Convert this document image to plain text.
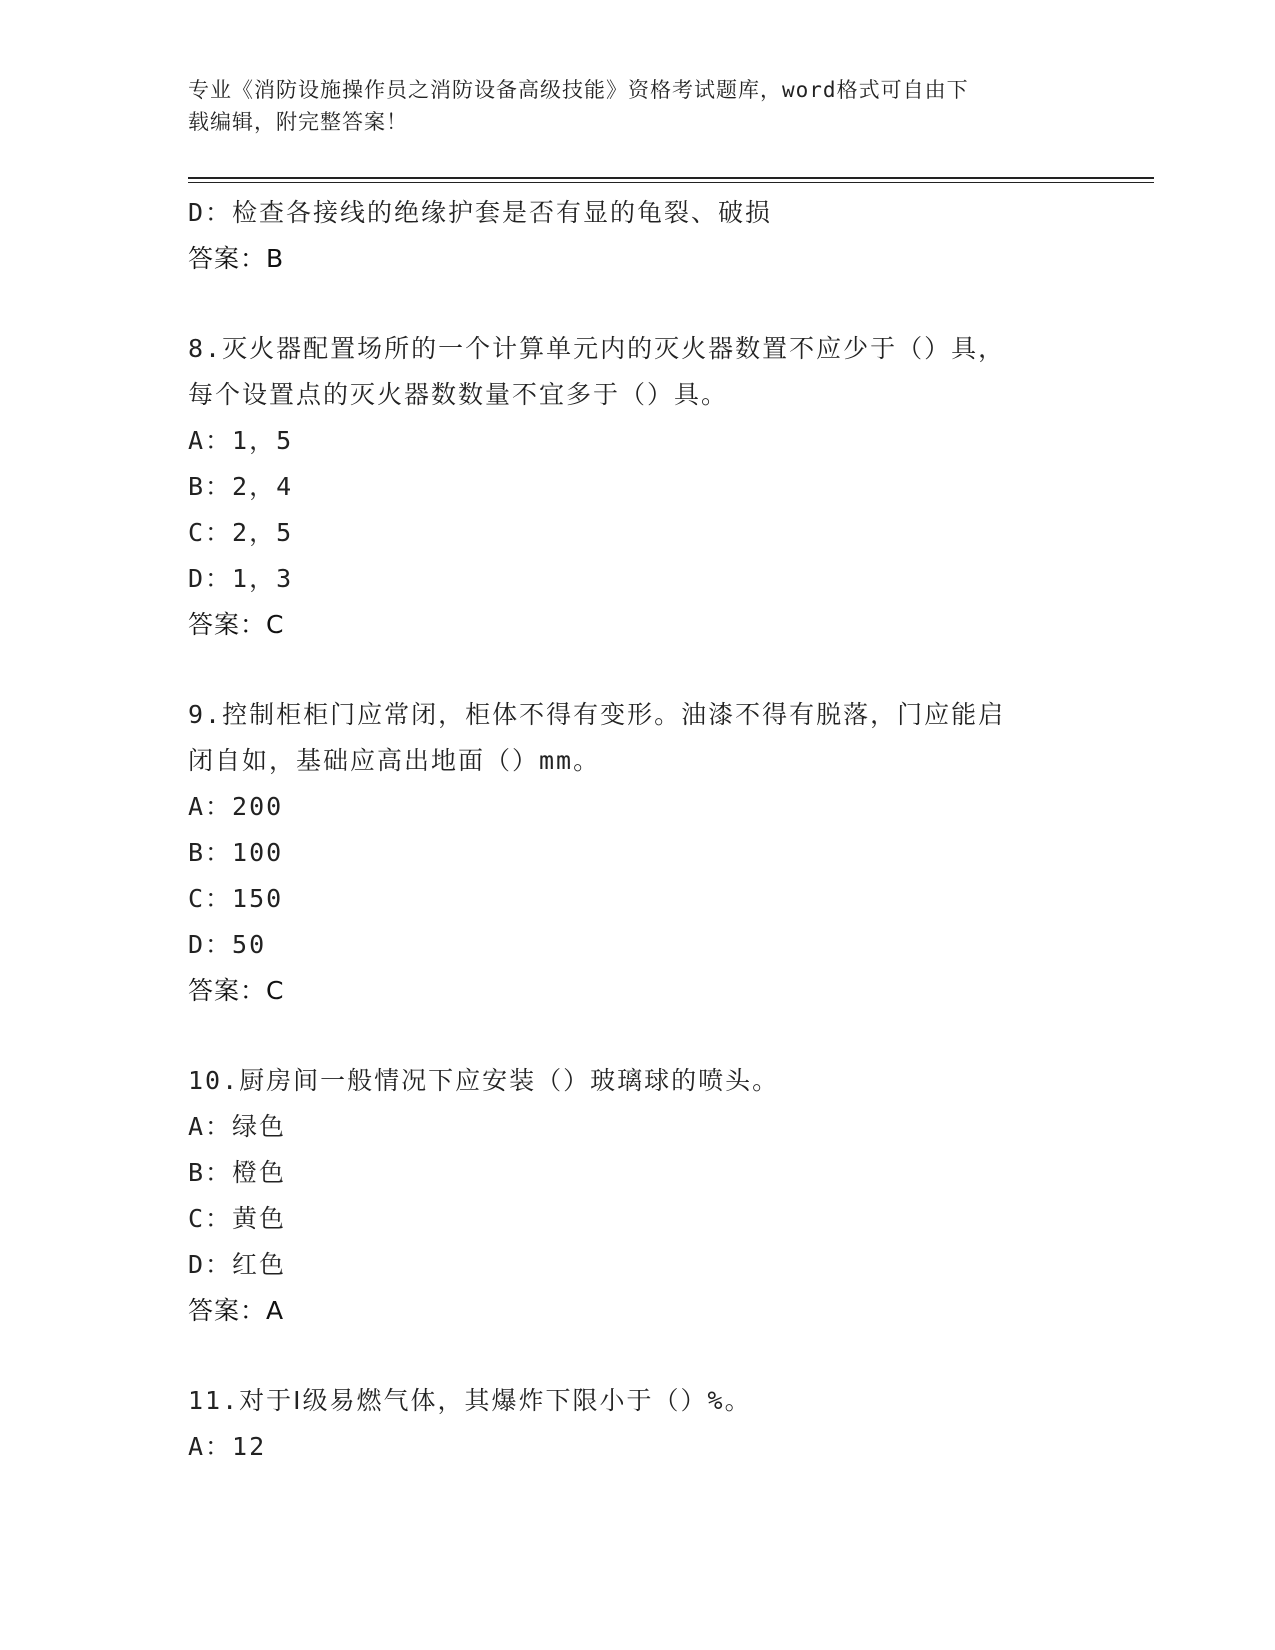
专业《消防设施操作员之消防设备高级技能》资格考试题库，word格式可自由下
载编辑，附完整答案！
D：检查各接线的绝缘护套是否有显的龟裂、破损
答案：B
8.灭火器配置场所的一个计算单元内的灭火器数置不应少于（）具，
每个设置点的灭火器数数量不宜多于（）具。
A：1，5
B：2，4
C：2，5
D：1，3
答案：C
9.控制柜柜门应常闭，柜体不得有变形。油漆不得有脱落，门应能启
闭自如，基础应高出地面（）mm。
A：200
B：100
C：150
D：50
答案：C
10.厨房间一般情况下应安装（）玻璃球的喷头。
A：绿色
B：橙色
C：黄色
D：红色
答案：A
11.对于Ⅰ级易燃气体，其爆炸下限小于（）%。
A：12
